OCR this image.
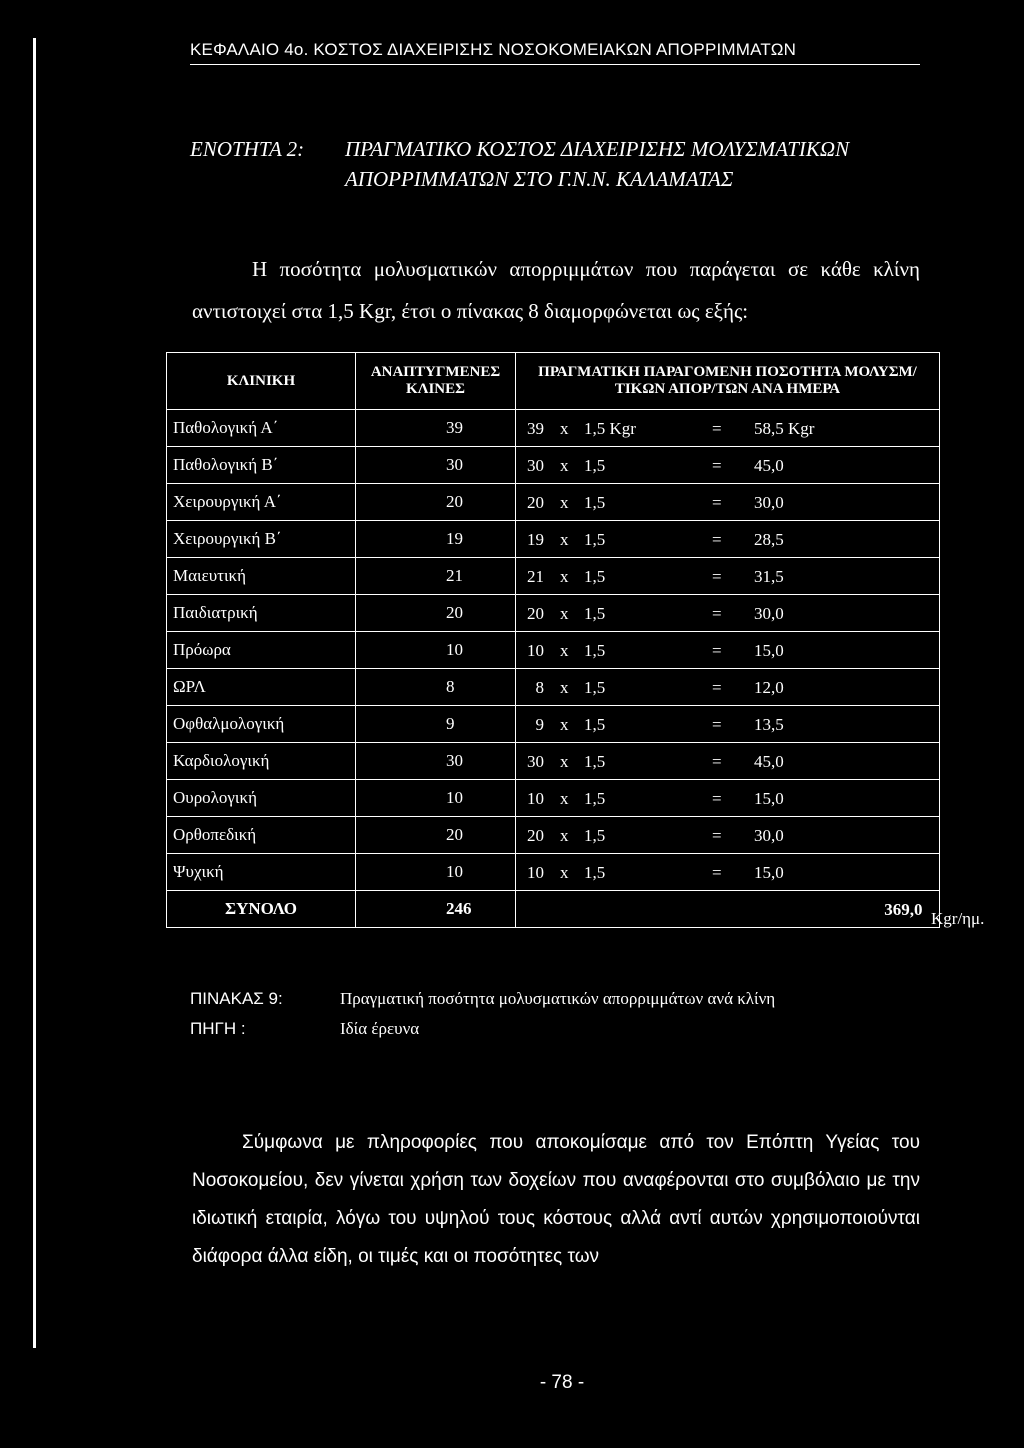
ΚΕΦΑΛΑΙΟ 4ο. ΚΟΣΤΟΣ ΔΙΑΧΕΙΡΙΣΗΣ ΝΟΣΟΚΟΜΕΙΑΚΩΝ ΑΠΟΡΡΙΜΜΑΤΩΝ
ΕΝΟΤΗΤΑ 2:	ΠΡΑΓΜΑΤΙΚΟ ΚΟΣΤΟΣ ΔΙΑΧΕΙΡΙΣΗΣ ΜΟΛΥΣΜΑΤΙΚΩΝ ΑΠΟΡΡΙΜΜΑΤΩΝ ΣΤΟ Γ.Ν.Ν. ΚΑΛΑΜΑΤΑΣ
Η ποσότητα μολυσματικών απορριμμάτων που παράγεται σε κάθε κλίνη αντιστοιχεί στα 1,5 Kgr, έτσι ο πίνακας 8 διαμορφώνεται ως εξής:
ΚΛΙΝΙΚΗ	ΑΝΑΠΤΥΓΜΕΝΕΣ ΚΛΙΝΕΣ	ΠΡΑΓΜΑΤΙΚΗ ΠΑΡΑΓΟΜΕΝΗ ΠΟΣΟΤΗΤΑ ΜΟΛΥΣΜ/ΤΙΚΩΝ ΑΠΟΡ/ΤΩΝ ΑΝΑ ΗΜΕΡΑ
Παθολογική Α΄	39	39 x 1,5 Kgr = 58,5 Kgr

Παθολογική Β΄	30	30 x 1,5 = 45,0

Χειρουργική Α΄	20	20 x 1,5 = 30,0

Χειρουργική Β΄	19	19 x 1,5 = 28,5

Μαιευτική	21	21 x 1,5 = 31,5

Παιδιατρική	20	20 x 1,5 = 30,0

Πρόωρα	10	10 x 1,5 = 15,0

ΩΡΛ	8	8 x 1,5 = 12,0

Οφθαλμολογική	9	9 x 1,5 = 13,5

Καρδιολογική	30	30 x 1,5 = 45,0

Ουρολογική	10	10 x 1,5 = 15,0

Ορθοπεδική	20	20 x 1,5 = 30,0

Ψυχική	10	10 x 1,5 = 15,0

ΣΥΝΟΛΟ	246	369,0 Kgr/ημ.
ΠΙΝΑΚΑΣ 9:	Πραγματική ποσότητα μολυσματικών απορριμμάτων ανά κλίνη
ΠΗΓΗ :	Ιδία έρευνα
Σύμφωνα με πληροφορίες που αποκομίσαμε από τον Επόπτη Υγείας του Νοσοκομείου, δεν γίνεται χρήση των δοχείων που αναφέρονται στο συμβόλαιο με την ιδιωτική εταιρία, λόγω του υψηλού τους κόστους αλλά αντί αυτών χρησιμοποιούνται διάφορα άλλα είδη, οι τιμές και οι ποσότητες των
- 78 -
